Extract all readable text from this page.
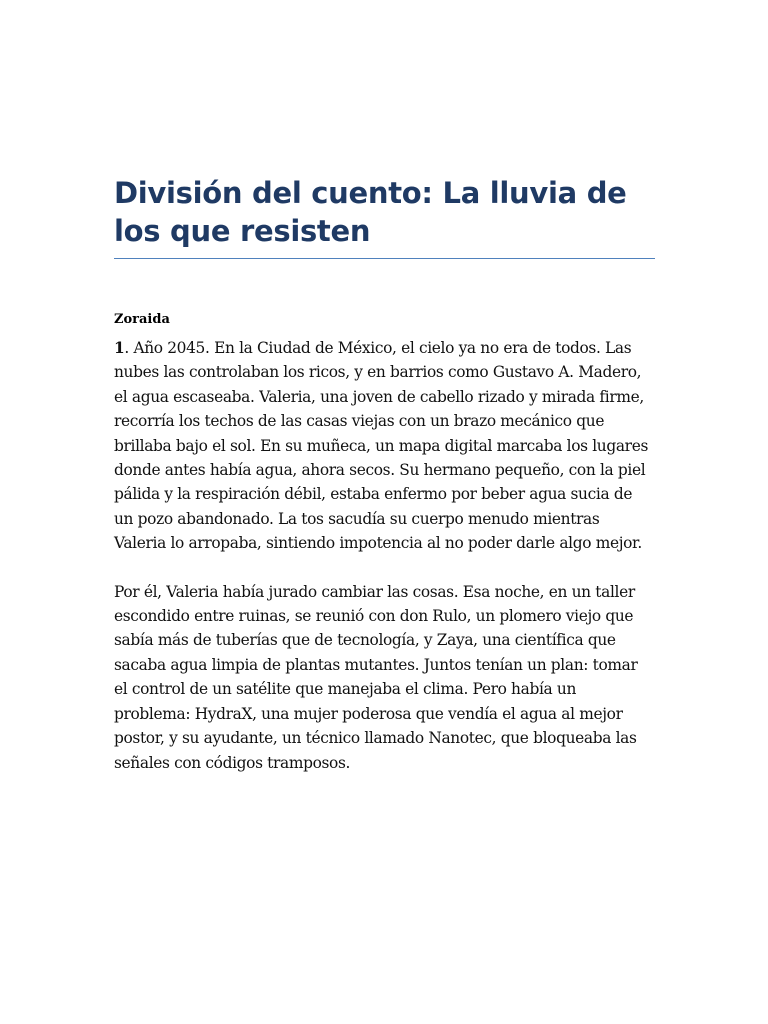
División del cuento: La lluvia de los que resisten

Zoraida

1. Año 2045. En la Ciudad de México, el cielo ya no era de todos. Las nubes las controlaban los ricos, y en barrios como Gustavo A. Madero, el agua escaseaba. Valeria, una joven de cabello rizado y mirada firme, recorría los techos de las casas viejas con un brazo mecánico que brillaba bajo el sol. En su muñeca, un mapa digital marcaba los lugares donde antes había agua, ahora secos. Su hermano pequeño, con la piel pálida y la respiración débil, estaba enfermo por beber agua sucia de un pozo abandonado. La tos sacudía su cuerpo menudo mientras Valeria lo arropaba, sintiendo impotencia al no poder darle algo mejor.

Por él, Valeria había jurado cambiar las cosas. Esa noche, en un taller escondido entre ruinas, se reunió con don Rulo, un plomero viejo que sabía más de tuberías que de tecnología, y Zaya, una científica que sacaba agua limpia de plantas mutantes. Juntos tenían un plan: tomar el control de un satélite que manejaba el clima. Pero había un problema: HydraX, una mujer poderosa que vendía el agua al mejor postor, y su ayudante, un técnico llamado Nanotec, que bloqueaba las señales con códigos tramposos.
